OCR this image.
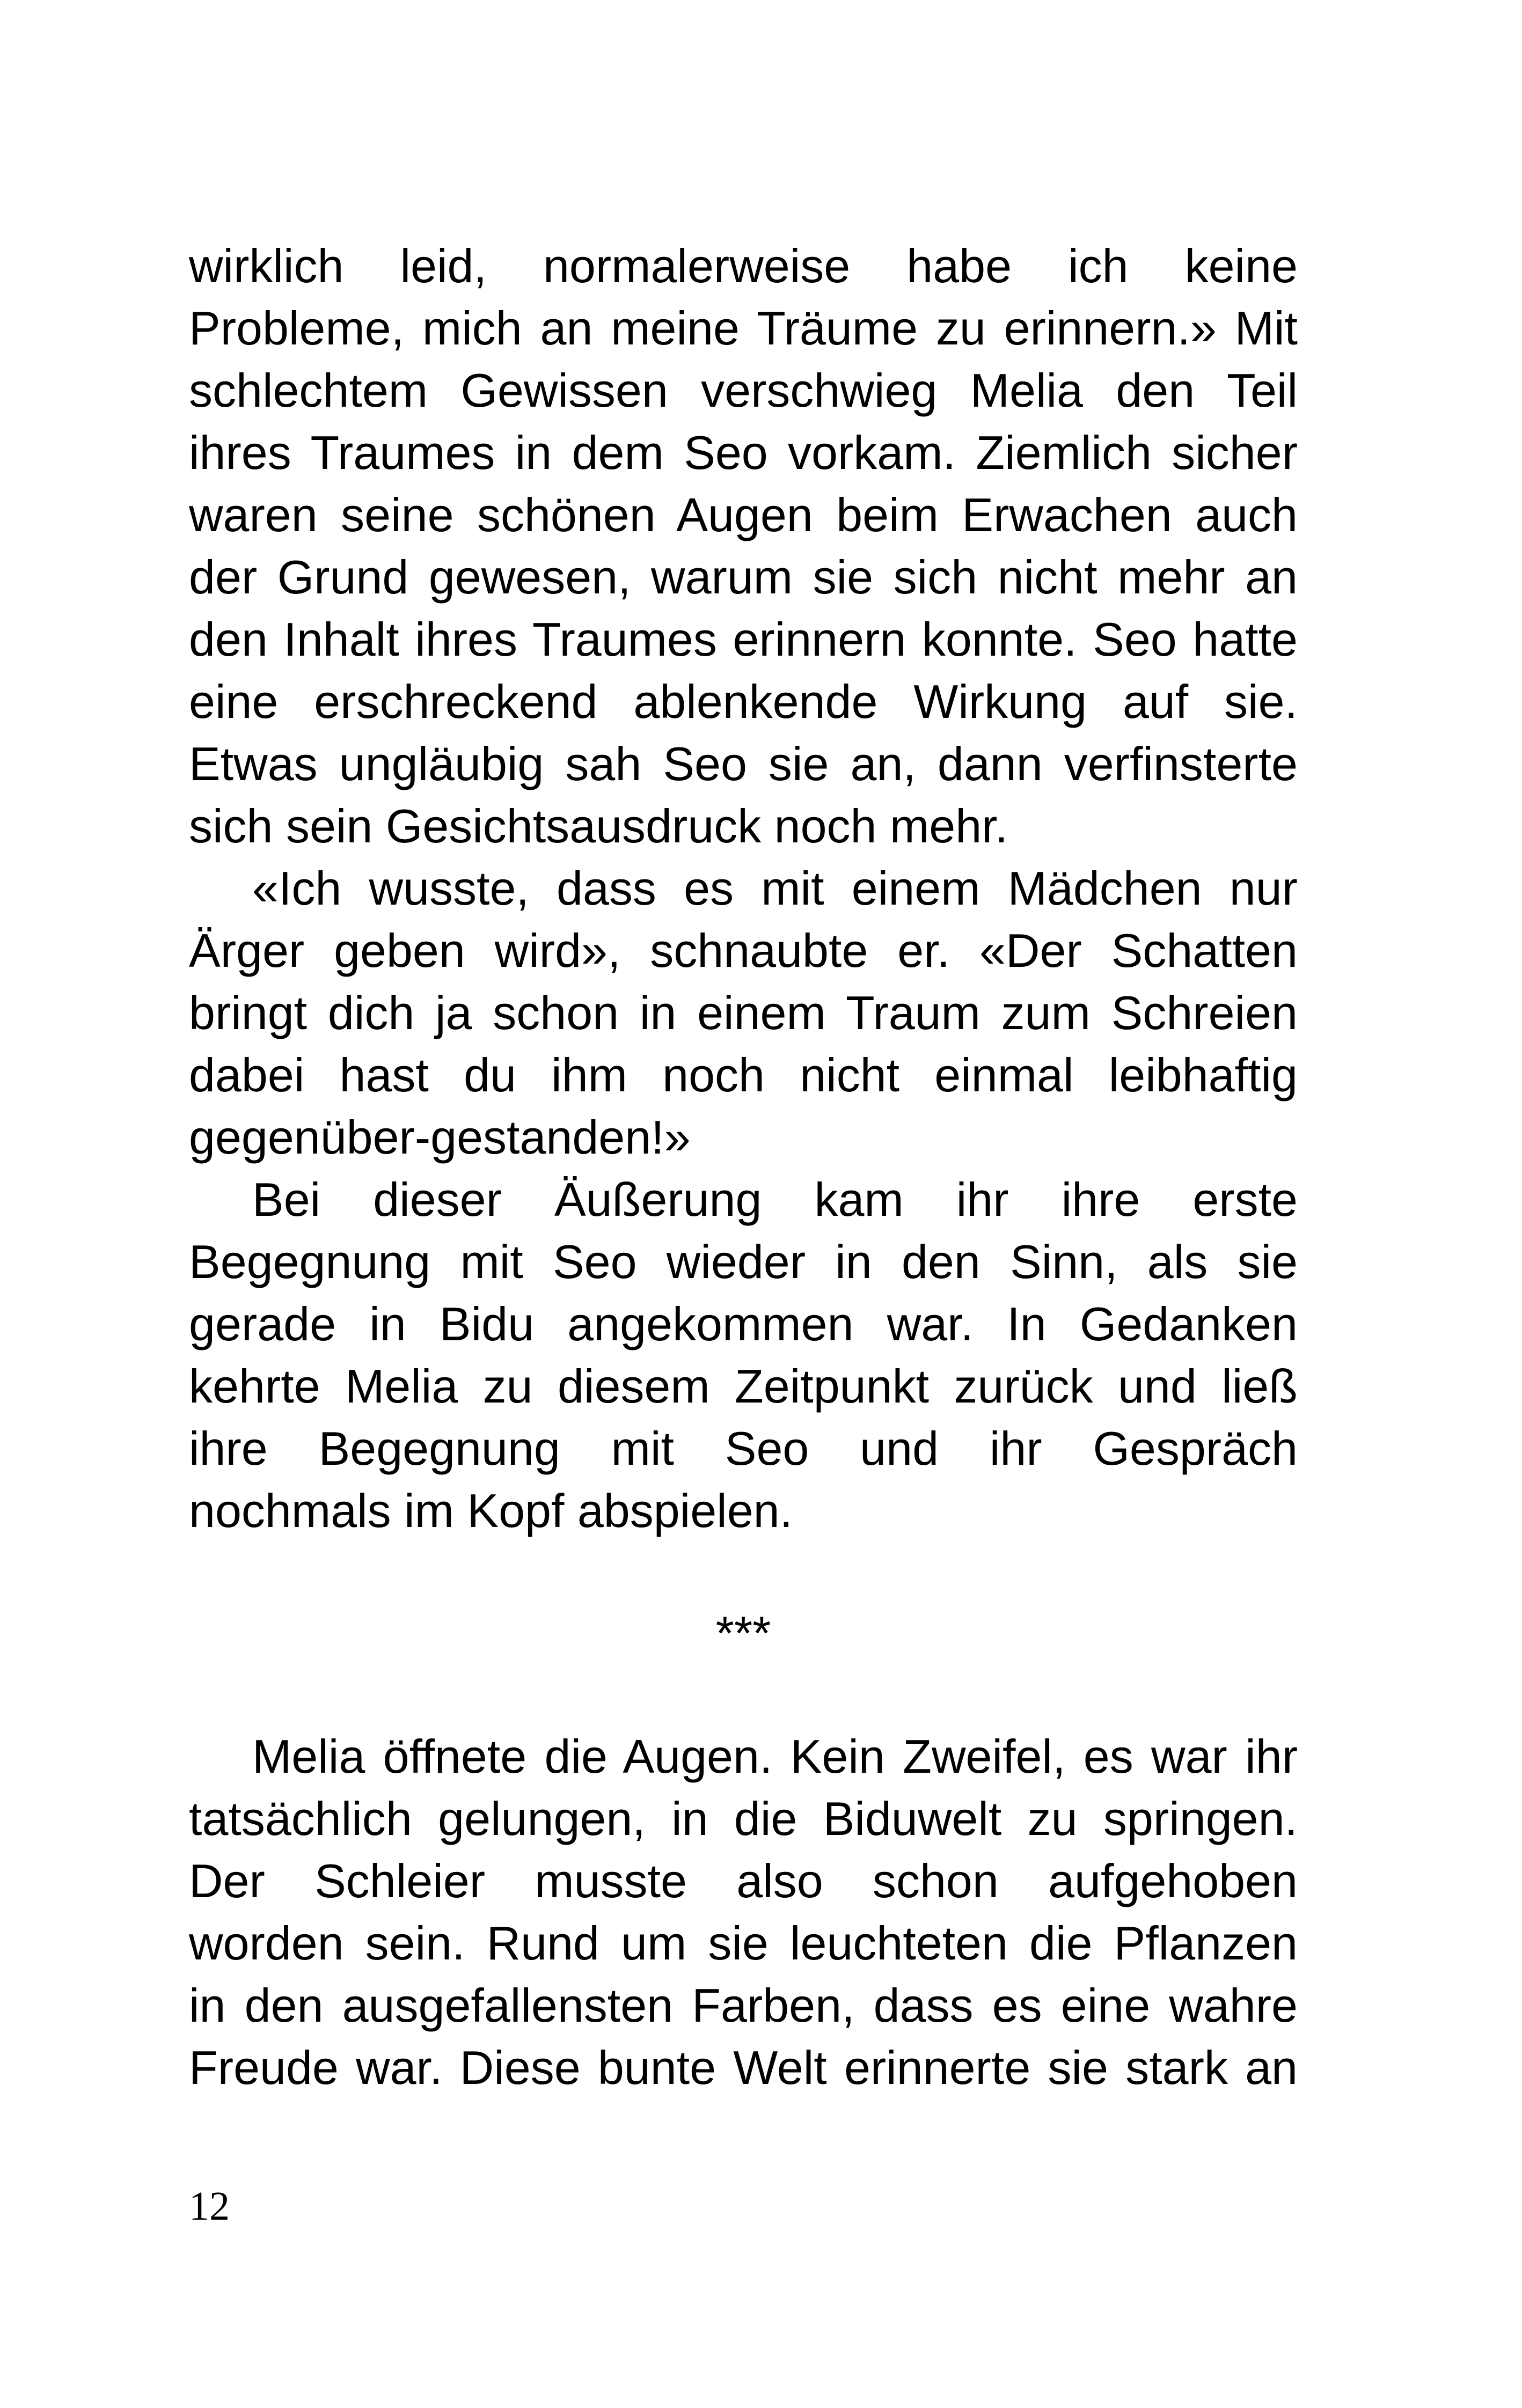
wirklich leid, normalerweise habe ich keine
Probleme, mich an meine Träume zu erinnern.» Mit
schlechtem Gewissen verschwieg Melia den Teil
ihres Traumes in dem Seo vorkam. Ziemlich sicher
waren seine schönen Augen beim Erwachen auch
der Grund gewesen, warum sie sich nicht mehr an
den Inhalt ihres Traumes erinnern konnte. Seo hatte
eine erschreckend ablenkende Wirkung auf sie.
Etwas ungläubig sah Seo sie an, dann verfinsterte
sich sein Gesichtsausdruck noch mehr.
«Ich wusste, dass es mit einem Mädchen nur
Ärger geben wird», schnaubte er. «Der Schatten
bringt dich ja schon in einem Traum zum Schreien
dabei hast du ihm noch nicht einmal leibhaftig
gegenüber-gestanden!»
Bei dieser Äußerung kam ihr ihre erste
Begegnung mit Seo wieder in den Sinn, als sie
gerade in Bidu angekommen war. In Gedanken
kehrte Melia zu diesem Zeitpunkt zurück und ließ
ihre Begegnung mit Seo und ihr Gespräch
nochmals im Kopf abspielen.
***
Melia öffnete die Augen. Kein Zweifel, es war ihr
tatsächlich gelungen, in die Biduwelt zu springen.
Der Schleier musste also schon aufgehoben
worden sein. Rund um sie leuchteten die Pflanzen
in den ausgefallensten Farben, dass es eine wahre
Freude war. Diese bunte Welt erinnerte sie stark an
12
